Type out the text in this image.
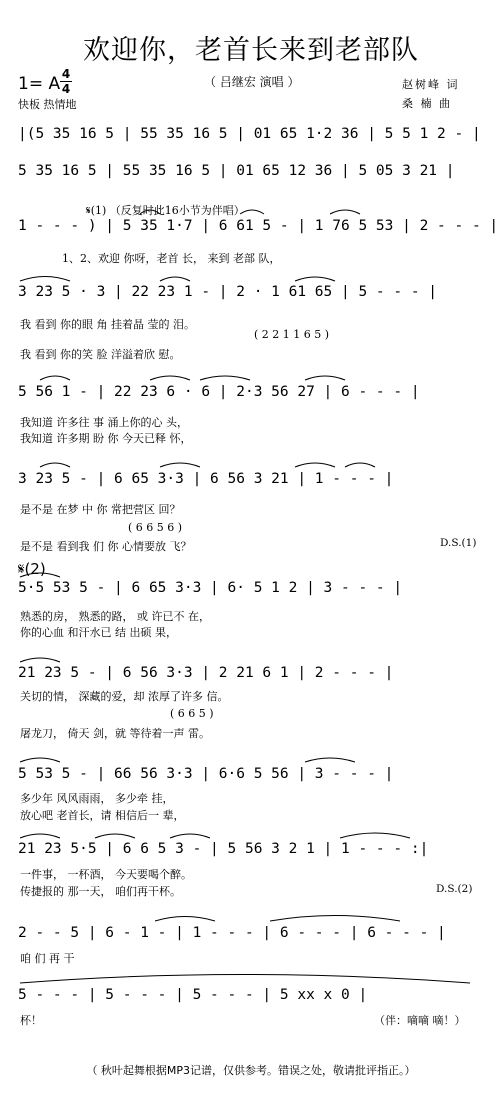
欢迎你，老首长来到老部队
1= A 4
4	（ 吕继宏 演唱 ）	赵树峰 词
桑 楠 曲
快板 热情地
|(5 35 16 5 | 55 35 16 5 | 01 65 1·2 36 | 5 5 1 2 - |
5 35 16 5 | 55 35 16 5 | 01 65 12 36 | 5 05 3 21 |
1 - - - ) | 5 35 1·7 | 6 61 5 - | 1 76 5 53 | 2 - - - |
3 23 5 · 3 | 22 23 1 - | 2 · 1 61 65 | 5 - - - |
5 56 1 - | 22 23 6 · 6 | 2·3 56 27 | 6 - - - |
3 23 5 - | 6 65 3·3 | 6 56 3 21 | 1 - - - |
5·5 53 5 - | 6 65 3·3 | 6· 5 1 2 | 3 - - - |
21 23 5 - | 6 56 3·3 | 2 21 6 1 | 2 - - - |
5 53 5 - | 66 56 3·3 | 6·6 5 56 | 3 - - - |
21 23 5·5 | 6 6 5 3 - | 5 56 3 2 1 | 1 - - - :|
2 - - 5 | 6 - 1 - | 1 - - - | 6 - - - | 6 - - - |
5 - - - | 5 - - - | 5 - - - | 5 xx x 0 |
1、2、欢迎 你呀，老首 长， 来到 老部 队，
我 看到 你的眼 角 挂着晶 莹的 泪。
我 看到 你的笑 脸 洋溢着欣 慰。
我知道 许多往 事 涌上你的心 头，
我知道 许多期 盼 你 今天已释 怀，
是不是 在梦 中 你 常把营区 回？
是不是 看到我 们 你 心情要放 飞？
熟悉的房， 熟悉的路， 或 许已不 在，
你的心血 和汗水已 结 出硕 果，
关切的情， 深藏的爱，却 浓厚了许多 信。
屠龙刀， 倚天 剑，就 等待着一声 雷。
多少年 风风雨雨， 多少牵 挂，
放心吧 老首长，请 相信后一 辈，
一件事， 一杯酒， 今天要喝个醉。
传捷报的 那一天， 咱们再干杯。
咱 们 再 干
杯！
𝄋(1) （反复时此16小节为伴唱）
( 2 2 1 1 6 5 )
( 6 6 5 6 )
( 6 6 5 )
（伴：嘀嘀 嘀！）
𝄋(2)
D.S.(1)
D.S.(2)
（ 秋叶起舞根据MP3记谱，仅供参考。错误之处，敬请批评指正。）
